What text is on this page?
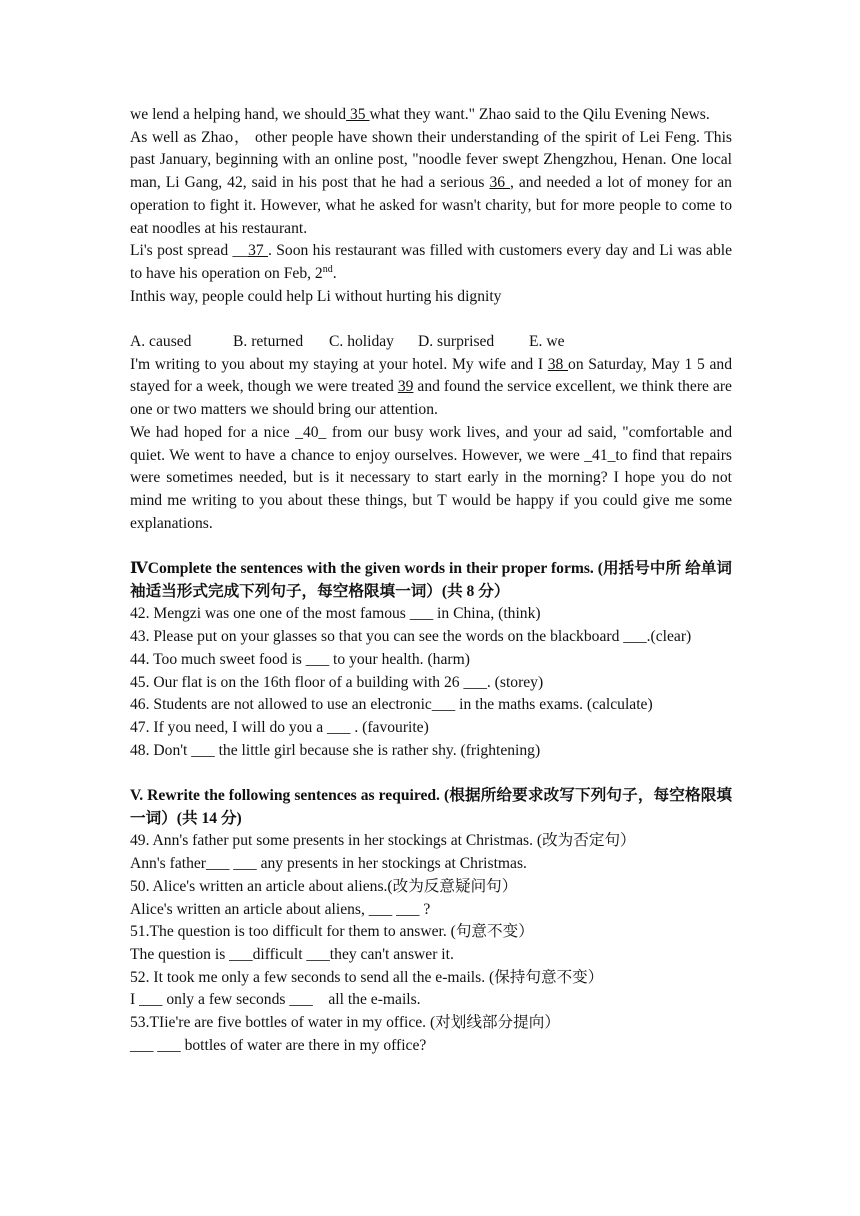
we lend a helping hand, we should 35 what they want." Zhao said to the Qilu Evening News.

As well as Zhao， other people have shown their understanding of the spirit of Lei Feng. This past January, beginning with an online post, "noodle fever swept Zhengzhou, Henan. One local man, Li Gang, 42, said in his post that he had a serious 36 , and needed a lot of money for an operation to fight it. However, what he asked for wasn't charity, but for more people to come to eat noodles at his restaurant.

Li's post spread __37 . Soon his restaurant was filled with customers every day and Li was able to have his operation on Feb, 2nd.

Inthis way, people could help Li without hurting his dignity

A. caused	B. returned C. holiday D. surprised E. we

I'm writing to you about my staying at your hotel. My wife and I 38 on Saturday, May 1 5 and stayed for a week, though we were treated 39 and found the service excellent, we think there are one or two matters we should bring our attention.

We had hoped for a nice _40_ from our busy work lives, and your ad said, "comfortable and quiet. We went to have a chance to enjoy ourselves. However, we were _41_to find that repairs were sometimes needed, but is it necessary to start early in the morning? I hope you do not mind me writing to you about these things, but T would be happy if you could give me some explanations.

ⅣComplete the sentences with the given words in their proper forms. (用括号中所 给单词袖适当形式完成下列句子，每空格限填一词）(共 8 分）

42. Mengzi was one one of the most famous ___ in China, (think)

43. Please put on your glasses so that you can see the words on the blackboard ___.(clear)

44. Too much sweet food is ___ to your health. (harm)

45. Our flat is on the 16th floor of a building with 26 ___. (storey)

46. Students are not allowed to use an electronic___ in the maths exams. (calculate)

47. If you need, I will do you a ___ . (favourite)

48. Don't ___ the little girl because she is rather shy. (frightening)

V. Rewrite the following sentences as required. (根据所给要求改写下列句子，每空格限填一词）(共 14 分)

49. Ann's father put some presents in her stockings at Christmas. (改为否定句）

Ann's father___ ___ any presents in her stockings at Christmas.

50. Alice's written an article about aliens.(改为反意疑问句）

Alice's written an article about aliens, ___ ___ ?

51.The question is too difficult for them to answer. (句意不变）

The question is ___difficult ___they can't answer it.

52. It took me only a few seconds to send all the e-mails. (保持句意不变）

I ___ only a few seconds ___    all the e-mails.

53.TIie're are five bottles of water in my office. (对划线部分提向）

___ ___ bottles of water are there in my office?
